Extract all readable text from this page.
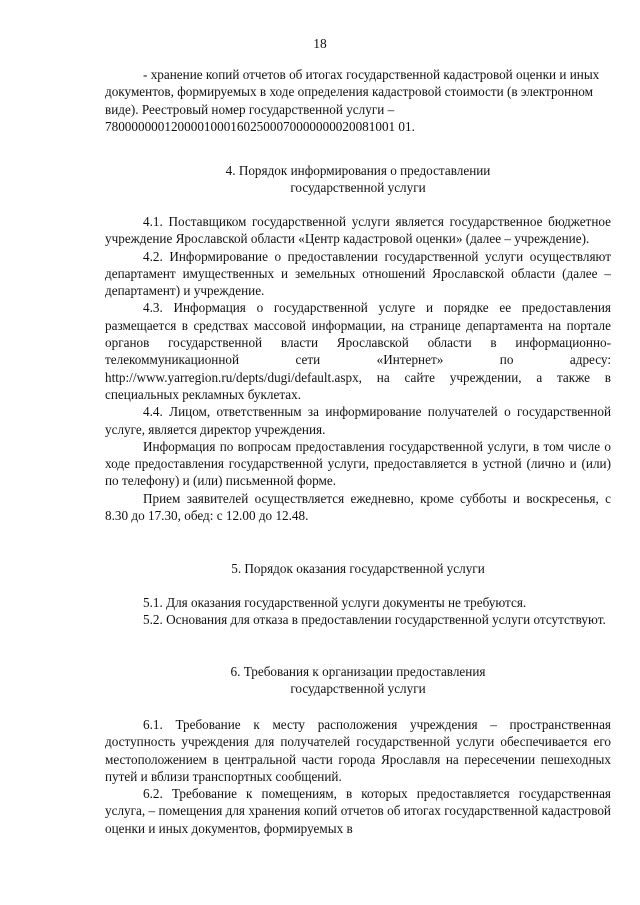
18

- хранение копий отчетов об итогах государственной кадастровой оценки и иных документов, формируемых в ходе определения кадастровой стоимости (в электронном виде). Реестровый номер государственной услуги – 78000000012000010001602500070000000020081001 01.

4. Порядок информирования о предоставлении государственной услуги

4.1. Поставщиком государственной услуги является государственное бюджетное учреждение Ярославской области «Центр кадастровой оценки» (далее – учреждение).

4.2. Информирование о предоставлении государственной услуги осуществляют департамент имущественных и земельных отношений Ярославской области (далее – департамент) и учреждение.

4.3. Информация о государственной услуге и порядке ее предоставления размещается в средствах массовой информации, на странице департамента на портале органов государственной власти Ярославской области в информационно-телекоммуникационной сети «Интернет» по адресу: http://www.yarregion.ru/depts/dugi/default.aspx, на сайте учреждении, а также в специальных рекламных буклетах.

4.4. Лицом, ответственным за информирование получателей о государственной услуге, является директор учреждения.

Информация по вопросам предоставления государственной услуги, в том числе о ходе предоставления государственной услуги, предоставляется в устной (лично и (или) по телефону) и (или) письменной форме.

Прием заявителей осуществляется ежедневно, кроме субботы и воскресенья, с 8.30 до 17.30, обед: с 12.00 до 12.48.

5. Порядок оказания государственной услуги

5.1. Для оказания государственной услуги документы не требуются.

5.2. Основания для отказа в предоставлении государственной услуги отсутствуют.

6. Требования к организации предоставления государственной услуги

6.1. Требование к месту расположения учреждения – пространственная доступность учреждения для получателей государственной услуги обеспечивается его местоположением в центральной части города Ярославля на пересечении пешеходных путей и вблизи транспортных сообщений.

6.2. Требование к помещениям, в которых предоставляется государственная услуга, – помещения для хранения копий отчетов об итогах государственной кадастровой оценки и иных документов, формируемых в
